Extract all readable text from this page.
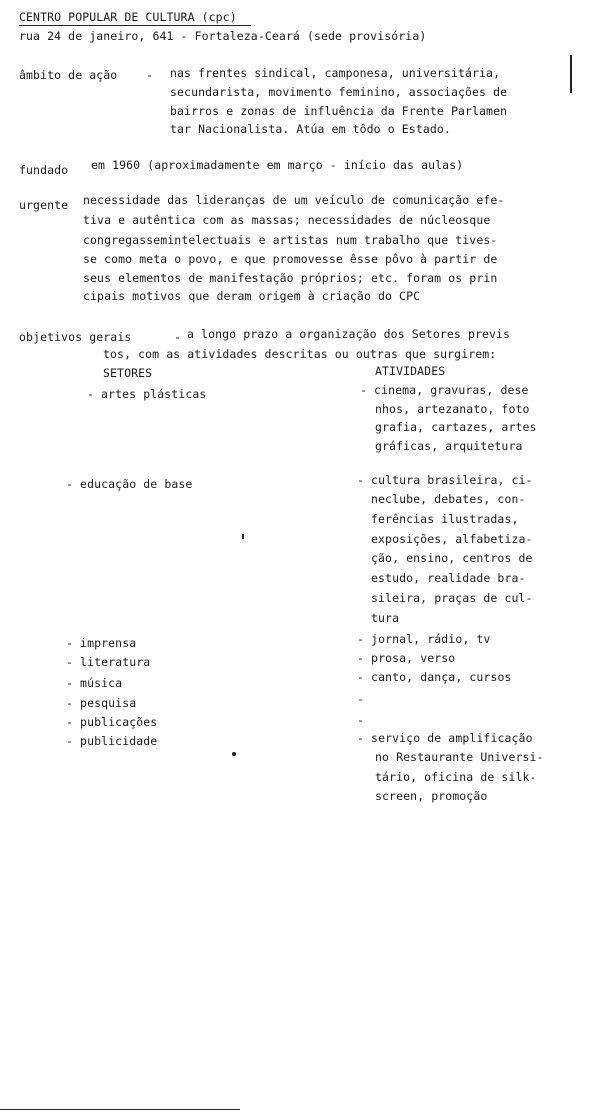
CENTRO POPULAR DE CULTURA (cpc)
rua 24 de janeiro, 641 - Fortaleza-Ceará (sede provisória)
âmbito de ação - nas frentes sindical, camponesa, universitária,
secundarista, movimento feminino, associações de
bairros e zonas de influência da Frente Parlamen
tar Nacionalista. Atúa em tôdo o Estado.
fundado em 1960 (aproximadamente em março - início das aulas)
urgente necessidade das lideranças de um veículo de comunicação efe-
tiva e autêntica com as massas; necessidades de núcleosque
congregassemintelectuais e artistas num trabalho que tives-
se como meta o povo, e que promovesse êsse pôvo à partir de
seus elementos de manifestação próprios; etc. foram os prin
cipais motivos que deram origem à criação do CPC
objetivos gerais	- a longo prazo a organização dos Setores previs
tos, com as atividades descritas ou outras que surgirem:
SETORES	ATIVIDADES
- artes plásticas	- cinema, gravuras, dese
nhos, artezanato, foto
grafia, cartazes, artes
gráficas, arquitetura
- educação de base	- cultura brasileira, ci-
neclube, debates, con-
ferências ilustradas,
exposições, alfabetiza-
ção, ensino, centros de
estudo, realidade bra-
sileira, praças de cul-
tura
- imprensa	- jornal, rádio, tv
- literatura	- prosa, verso
- música	- canto, dança, cursos
- pesquisa	-
- publicações	-
- publicidade	- serviço de amplificação
no Restaurante Universi-
tário, oficina de silk-
screen, promoção
